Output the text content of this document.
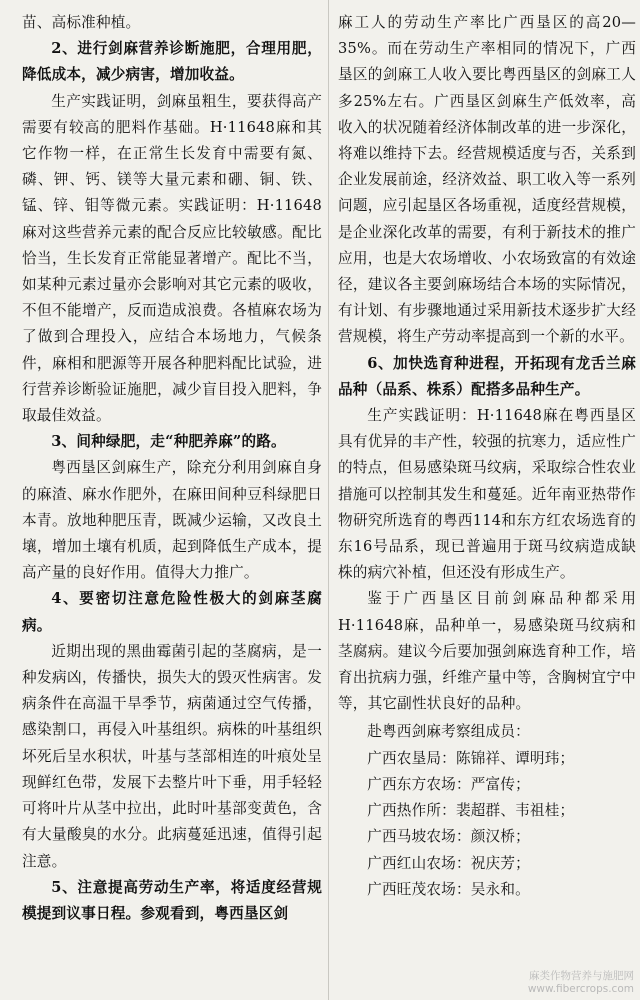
苗、高标准种植。

2、进行剑麻营养诊断施肥，合理用肥，降低成本，减少病害，增加收益。

生产实践证明，剑麻虽粗生，要获得高产需要有较高的肥料作基础。H·11648麻和其它作物一样，在正常生长发育中需要有氮、磷、钾、钙、镁等大量元素和硼、铜、铁、锰、锌、钼等微元素。实践证明：H·11648麻对这些营养元素的配合反应比较敏感。配比恰当，生长发育正常能显著增产。配比不当，如某种元素过量亦会影响对其它元素的吸收，不但不能增产，反而造成浪费。各植麻农场为了做到合理投入，应结合本场地力，气候条件，麻相和肥源等开展各种肥料配比试验，进行营养诊断验证施肥，减少盲目投入肥料，争取最佳效益。

3、间种绿肥，走“种肥养麻”的路。

粤西垦区剑麻生产，除充分利用剑麻自身的麻渣、麻水作肥外，在麻田间种豆科绿肥日本青。放地种肥压青，既减少运输，又改良土壤，增加土壤有机质，起到降低生产成本，提高产量的良好作用。值得大力推广。

4、要密切注意危险性极大的剑麻茎腐病。

近期出现的黑曲霉菌引起的茎腐病，是一种发病凶，传播快，损失大的毁灭性病害。发病条件在高温干旱季节，病菌通过空气传播，感染割口，再侵入叶基组织。病株的叶基组织坏死后呈水积状，叶基与茎部相连的叶痕处呈现鲜红色带，发展下去整片叶下垂，用手轻轻可将叶片从茎中拉出，此时叶基部变黄色，含有大量酸臭的水分。此病蔓延迅速，值得引起注意。

5、注意提高劳动生产率，将适度经营规模提到议事日程。参观看到，粤西垦区剑

麻工人的劳动生产率比广西垦区的高20—35%。而在劳动生产率相同的情况下，广西垦区的剑麻工人收入要比粤西垦区的剑麻工人多25%左右。广西垦区剑麻生产低效率，高收入的状况随着经济体制改革的进一步深化，将难以维持下去。经营规模适度与否，关系到企业发展前途，经济效益、职工收入等一系列问题，应引起垦区各场重视，适度经营规模，是企业深化改革的需要，有利于新技术的推广应用，也是大农场增收、小农场致富的有效途径，建议各主要剑麻场结合本场的实际情况，有计划、有步骤地通过采用新技术逐步扩大经营规模，将生产劳动率提高到一个新的水平。

6、加快选育种进程，开拓现有龙舌兰麻品种（品系、株系）配搭多品种生产。

生产实践证明：H·11648麻在粤西垦区具有优异的丰产性，较强的抗寒力，适应性广的特点，但易感染斑马纹病，采取综合性农业措施可以控制其发生和蔓延。近年南亚热带作物研究所选育的粤西114和东方红农场选育的东16号品系，现已普遍用于斑马纹病造成缺株的病穴补植，但还没有形成生产。

鉴于广西垦区目前剑麻品种都采用H·11648麻，品种单一，易感染斑马纹病和茎腐病。建议今后要加强剑麻选育种工作，培育出抗病力强，纤维产量中等，含胸树宜宁中等，其它副性状良好的品种。

赴粤西剑麻考察组成员：

广西农垦局：陈锦祥、谭明玮；

广西东方农场：严富传；

广西热作所：裴超群、韦祖桂；

广西马坡农场：颜汉桥；

广西红山农场：祝庆芳；

广西旺茂农场：吴永和。

麻类作物营养与施肥网
www.fibercrops.com
